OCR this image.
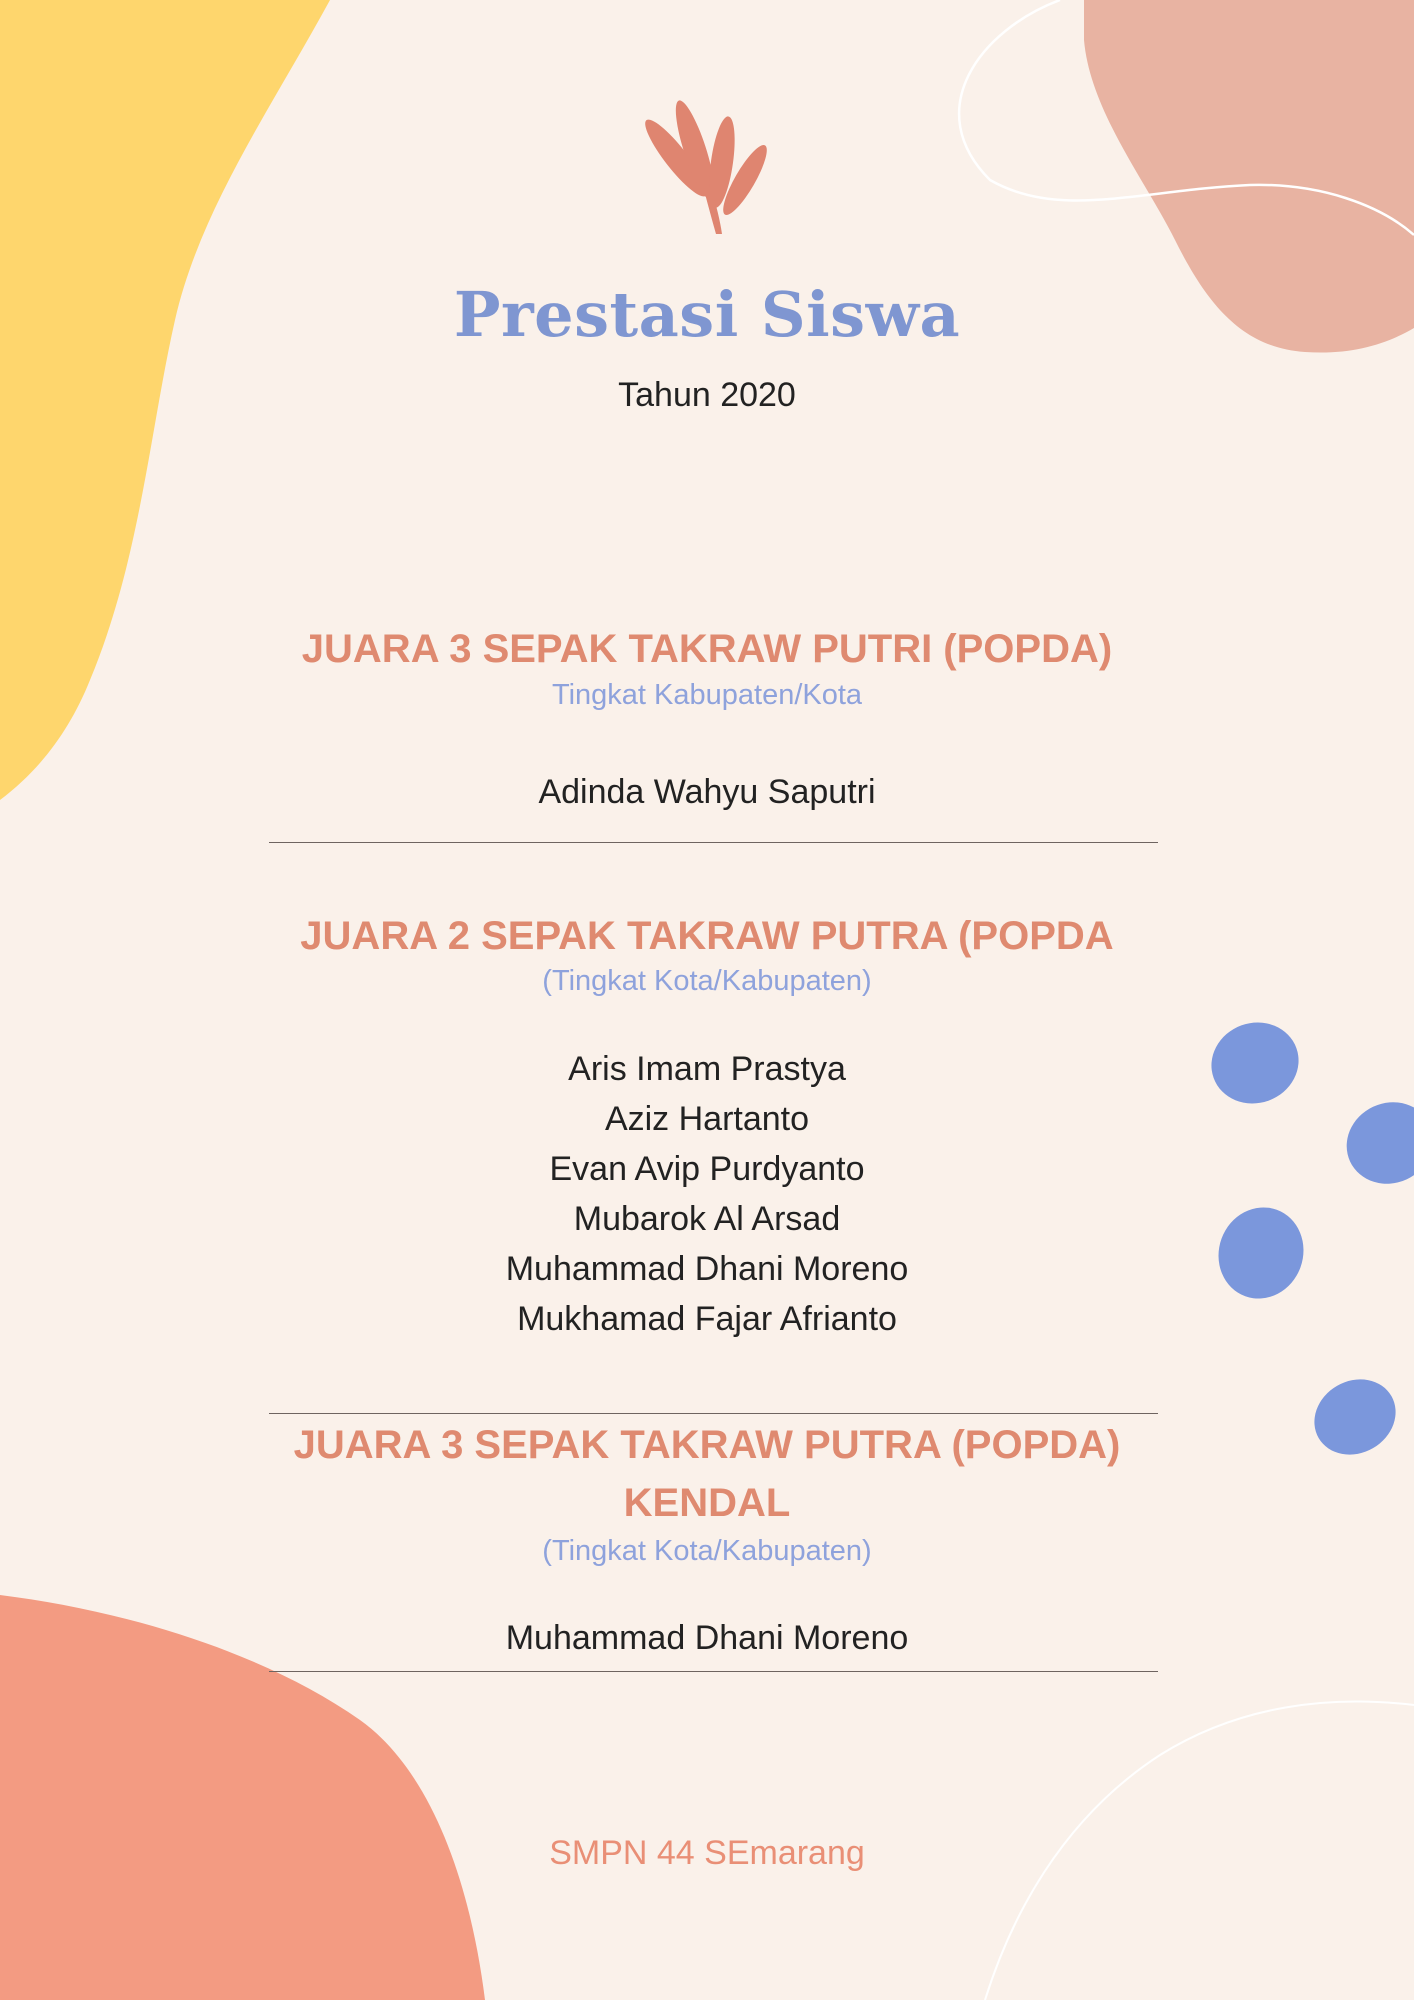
Prestasi Siswa
Tahun 2020
JUARA 3 SEPAK TAKRAW PUTRI (POPDA)
Tingkat Kabupaten/Kota
Adinda Wahyu Saputri
JUARA 2 SEPAK TAKRAW PUTRA (POPDA
(Tingkat Kota/Kabupaten)
Aris Imam Prastya
Aziz Hartanto
Evan Avip Purdyanto
Mubarok Al Arsad
Muhammad Dhani Moreno
Mukhamad Fajar Afrianto
JUARA 3 SEPAK TAKRAW PUTRA (POPDA)
KENDAL
(Tingkat Kota/Kabupaten)
Muhammad Dhani Moreno
SMPN 44 SEmarang
